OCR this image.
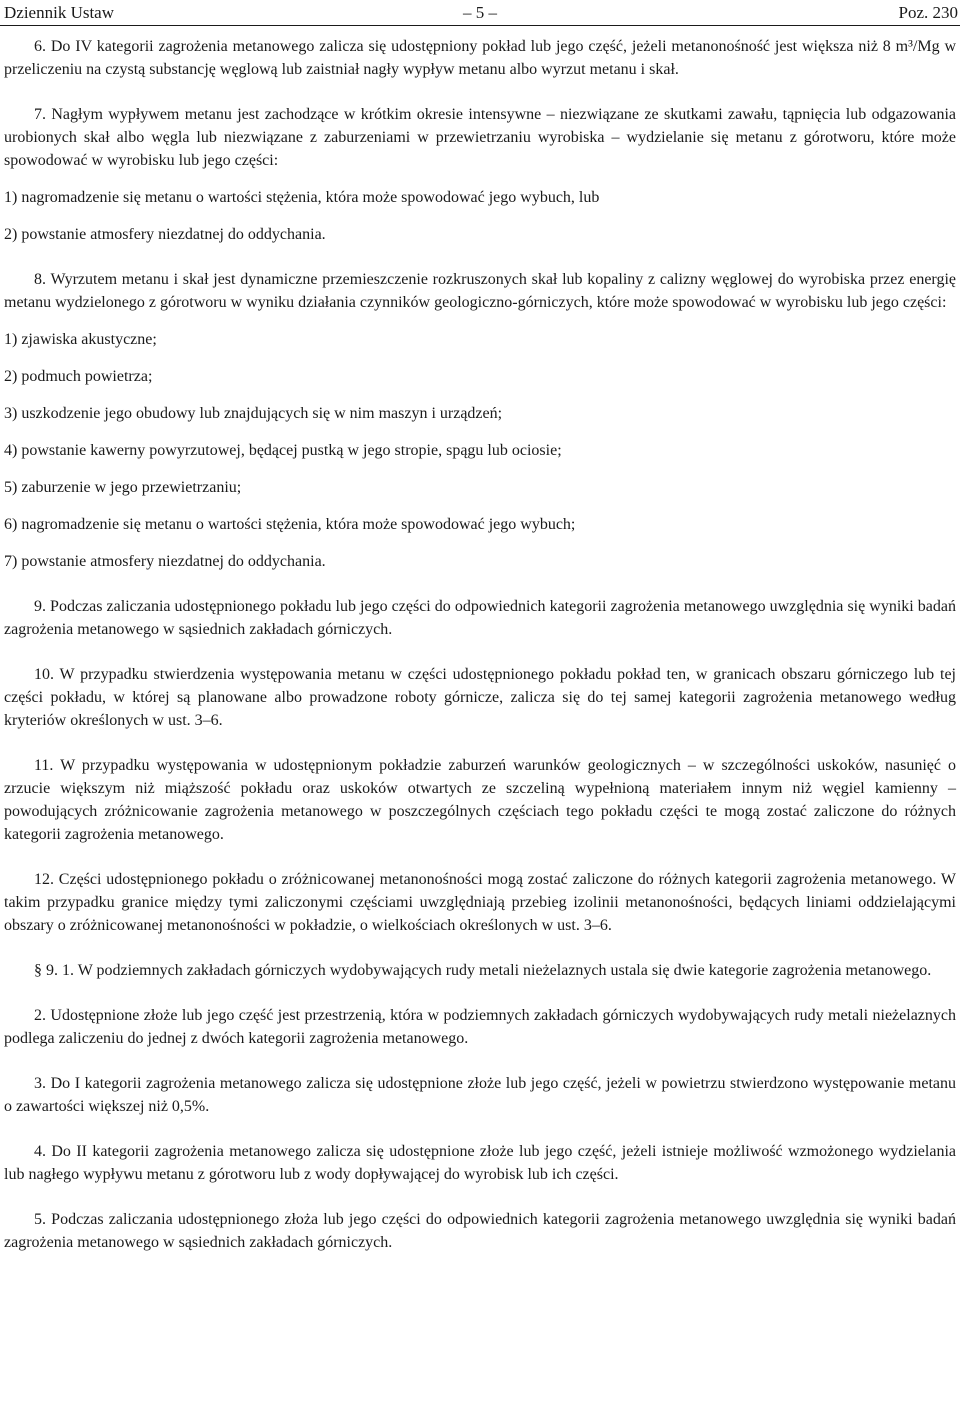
Dziennik Ustaw	– 5 –	Poz. 230

6. Do IV kategorii zagrożenia metanowego zalicza się udostępniony pokład lub jego część, jeżeli metanonośność jest większa niż 8 m³/Mg w przeliczeniu na czystą substancję węglową lub zaistniał nagły wypływ metanu albo wyrzut metanu i skał.

7. Nagłym wypływem metanu jest zachodzące w krótkim okresie intensywne – niezwiązane ze skutkami zawału, tąpnięcia lub odgazowania urobionych skał albo węgla lub niezwiązane z zaburzeniami w przewietrzaniu wyrobiska – wydzielanie się metanu z górotworu, które może spowodować w wyrobisku lub jego części:

1) nagromadzenie się metanu o wartości stężenia, która może spowodować jego wybuch, lub

2) powstanie atmosfery niezdatnej do oddychania.

8. Wyrzutem metanu i skał jest dynamiczne przemieszczenie rozkruszonych skał lub kopaliny z calizny węglowej do wyrobiska przez energię metanu wydzielonego z górotworu w wyniku działania czynników geologiczno-górniczych, które może spowodować w wyrobisku lub jego części:

1) zjawiska akustyczne;

2) podmuch powietrza;

3) uszkodzenie jego obudowy lub znajdujących się w nim maszyn i urządzeń;

4) powstanie kawerny powyrzutowej, będącej pustką w jego stropie, spągu lub ociosie;

5) zaburzenie w jego przewietrzaniu;

6) nagromadzenie się metanu o wartości stężenia, która może spowodować jego wybuch;

7) powstanie atmosfery niezdatnej do oddychania.

9. Podczas zaliczania udostępnionego pokładu lub jego części do odpowiednich kategorii zagrożenia metanowego uwzględnia się wyniki badań zagrożenia metanowego w sąsiednich zakładach górniczych.

10. W przypadku stwierdzenia występowania metanu w części udostępnionego pokładu pokład ten, w granicach obszaru górniczego lub tej części pokładu, w której są planowane albo prowadzone roboty górnicze, zalicza się do tej samej kategorii zagrożenia metanowego według kryteriów określonych w ust. 3–6.

11. W przypadku występowania w udostępnionym pokładzie zaburzeń warunków geologicznych – w szczególności uskoków, nasunięć o zrzucie większym niż miąższość pokładu oraz uskoków otwartych ze szczeliną wypełnioną materiałem innym niż węgiel kamienny – powodujących zróżnicowanie zagrożenia metanowego w poszczególnych częściach tego pokładu części te mogą zostać zaliczone do różnych kategorii zagrożenia metanowego.

12. Części udostępnionego pokładu o zróżnicowanej metanonośności mogą zostać zaliczone do różnych kategorii zagrożenia metanowego. W takim przypadku granice między tymi zaliczonymi częściami uwzględniają przebieg izolinii metanonośności, będących liniami oddzielającymi obszary o zróżnicowanej metanonośności w pokładzie, o wielkościach określonych w ust. 3–6.

§ 9. 1. W podziemnych zakładach górniczych wydobywających rudy metali nieżelaznych ustala się dwie kategorie zagrożenia metanowego.

2. Udostępnione złoże lub jego część jest przestrzenią, która w podziemnych zakładach górniczych wydobywających rudy metali nieżelaznych podlega zaliczeniu do jednej z dwóch kategorii zagrożenia metanowego.

3. Do I kategorii zagrożenia metanowego zalicza się udostępnione złoże lub jego część, jeżeli w powietrzu stwierdzono występowanie metanu o zawartości większej niż 0,5%.

4. Do II kategorii zagrożenia metanowego zalicza się udostępnione złoże lub jego część, jeżeli istnieje możliwość wzmożonego wydzielania lub nagłego wypływu metanu z górotworu lub z wody dopływającej do wyrobisk lub ich części.

5. Podczas zaliczania udostępnionego złoża lub jego części do odpowiednich kategorii zagrożenia metanowego uwzględnia się wyniki badań zagrożenia metanowego w sąsiednich zakładach górniczych.
